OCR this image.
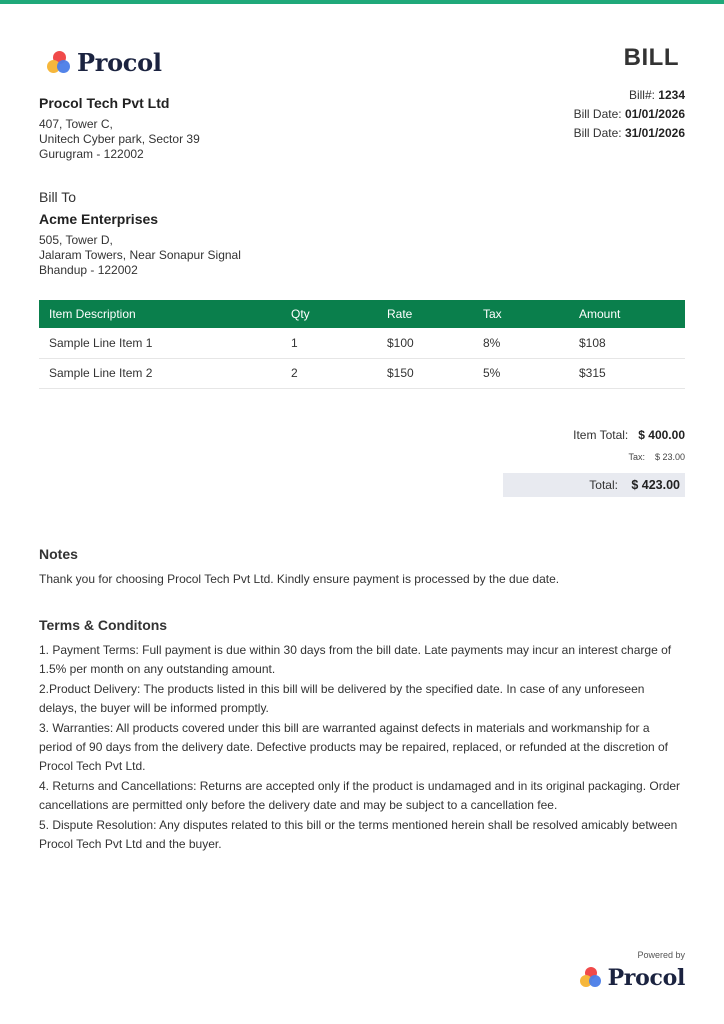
Procol
Procol Tech Pvt Ltd
407, Tower C,
Unitech Cyber park, Sector 39
Gurugram - 122002
BILL
Bill#: 1234
Bill Date: 01/01/2026
Bill Date: 31/01/2026
Bill To
Acme Enterprises
505, Tower D,
Jalaram Towers, Near Sonapur Signal
Bhandup - 122002
Item Description	Qty	Rate	Tax	Amount
Sample Line Item 1	1	$100	8%	$108
Sample Line Item 2	2	$150	5%	$315
Item Total: $ 400.00
Tax: $ 23.00
Total: $ 423.00
Notes
Thank you for choosing Procol Tech Pvt Ltd. Kindly ensure payment is processed by the due date.
Terms & Conditons
1. Payment Terms: Full payment is due within 30 days from the bill date. Late payments may incur an interest charge of 1.5% per month on any outstanding amount.
2.Product Delivery: The products listed in this bill will be delivered by the specified date. In case of any unforeseen delays, the buyer will be informed promptly.
3. Warranties: All products covered under this bill are warranted against defects in materials and workmanship for a period of 90 days from the delivery date. Defective products may be repaired, replaced, or refunded at the discretion of Procol Tech Pvt Ltd.
4. Returns and Cancellations: Returns are accepted only if the product is undamaged and in its original packaging. Order cancellations are permitted only before the delivery date and may be subject to a cancellation fee.
5. Dispute Resolution: Any disputes related to this bill or the terms mentioned herein shall be resolved amicably between Procol Tech Pvt Ltd and the buyer.
Powered by
Procol
